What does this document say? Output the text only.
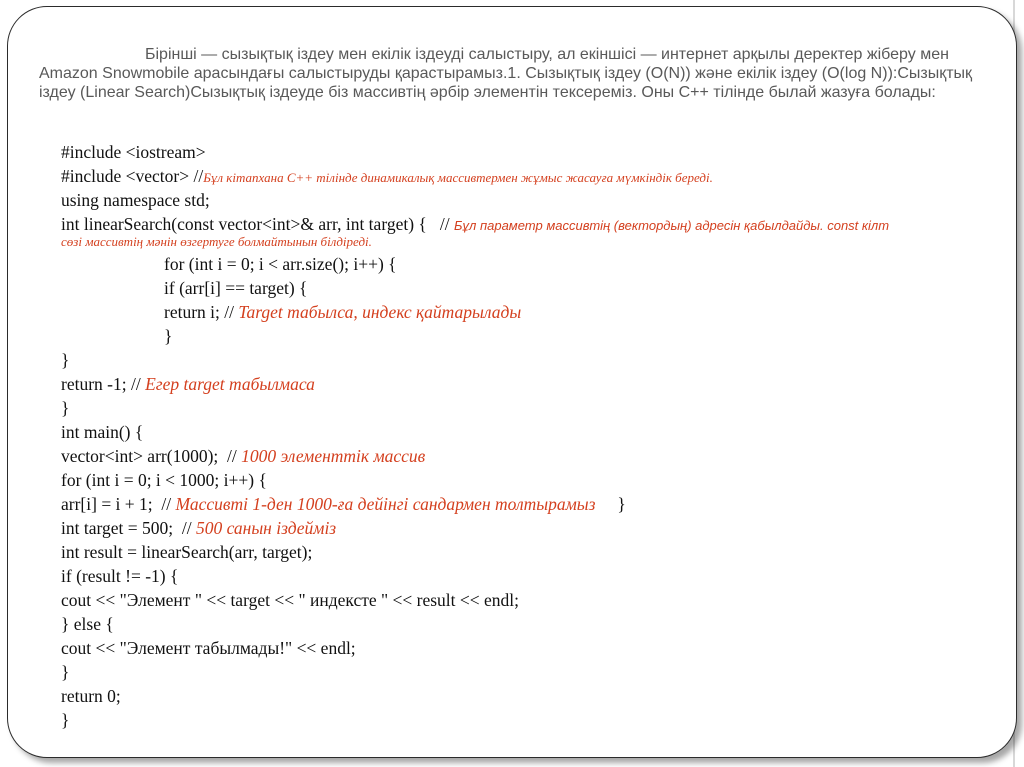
Бірінші — сызықтық іздеу мен екілік іздеуді салыстыру, ал екіншісі — интернет арқылы деректер жіберу мен Amazon Snowmobile арасындағы салыстыруды қарастырамыз.1. Сызықтық іздеу (O(N)) және екілік іздеу (O(log N)):Сызықтық іздеу (Linear Search)Сызықтық іздеуде біз массивтің әрбір элементін тексереміз. Оны C++ тілінде былай жазуға болады:

#include <iostream>
#include <vector> //Бұл кітапхана C++ тілінде динамикалық массивтермен жұмыс жасауға мүмкіндік береді.
using namespace std;
int linearSearch(const vector<int>& arr, int target) {   // Бұл параметр массивтің (вектордың) адресін қабылдайды. const кілт
сөзі массивтің мәнін өзгертуге болмайтынын білдіреді.
for (int i = 0; i < arr.size(); i++) {
if (arr[i] == target) {
return i; // Target табылса, индекс қайтарылады
}
}
return -1; // Егер target табылмаса
}
int main() {
vector<int> arr(1000);  // 1000 элементтік массив
for (int i = 0; i < 1000; i++) {
arr[i] = i + 1;  // Массивті 1-ден 1000-ға дейінгі сандармен толтырамыз     }
int target = 500;  // 500 санын іздейміз
int result = linearSearch(arr, target);
if (result != -1) {
cout << "Элемент " << target << " индексте " << result << endl;
} else {
cout << "Элемент табылмады!" << endl;
}
return 0;
}
